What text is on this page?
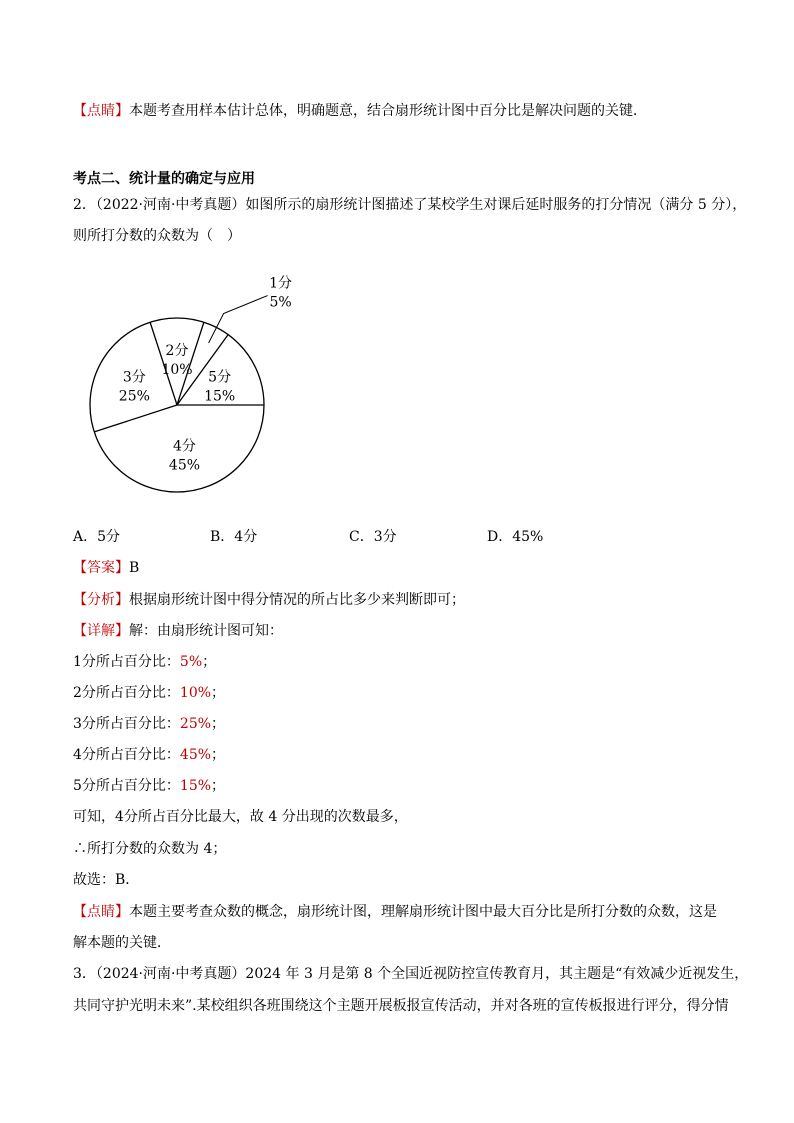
【点睛】本题考查用样本估计总体，明确题意，结合扇形统计图中百分比是解决问题的关键．
考点二、统计量的确定与应用
2．（2022·河南·中考真题）如图所示的扇形统计图描述了某校学生对课后延时服务的打分情况（满分 5 分），
则所打分数的众数为（　）
5分
15%
1分
5%
2分
10%
3分
25%
4分
45%
A．5分	B．4分	C．3分	D．45%
【答案】B
【分析】根据扇形统计图中得分情况的所占比多少来判断即可；
【详解】解：由扇形统计图可知：
1分所占百分比：5%；
2分所占百分比：10%；
3分所占百分比：25%；
4分所占百分比：45%；
5分所占百分比：15%；
可知，4分所占百分比最大，故 4 分出现的次数最多，
∴所打分数的众数为 4；
故选：B．
【点睛】本题主要考查众数的概念，扇形统计图，理解扇形统计图中最大百分比是所打分数的众数，这是
解本题的关键．
3．（2024·河南·中考真题）2024 年 3 月是第 8 个全国近视防控宣传教育月，其主题是“有效减少近视发生，
共同守护光明未来”.某校组织各班围绕这个主题开展板报宣传活动，并对各班的宣传板报进行评分，得分情
